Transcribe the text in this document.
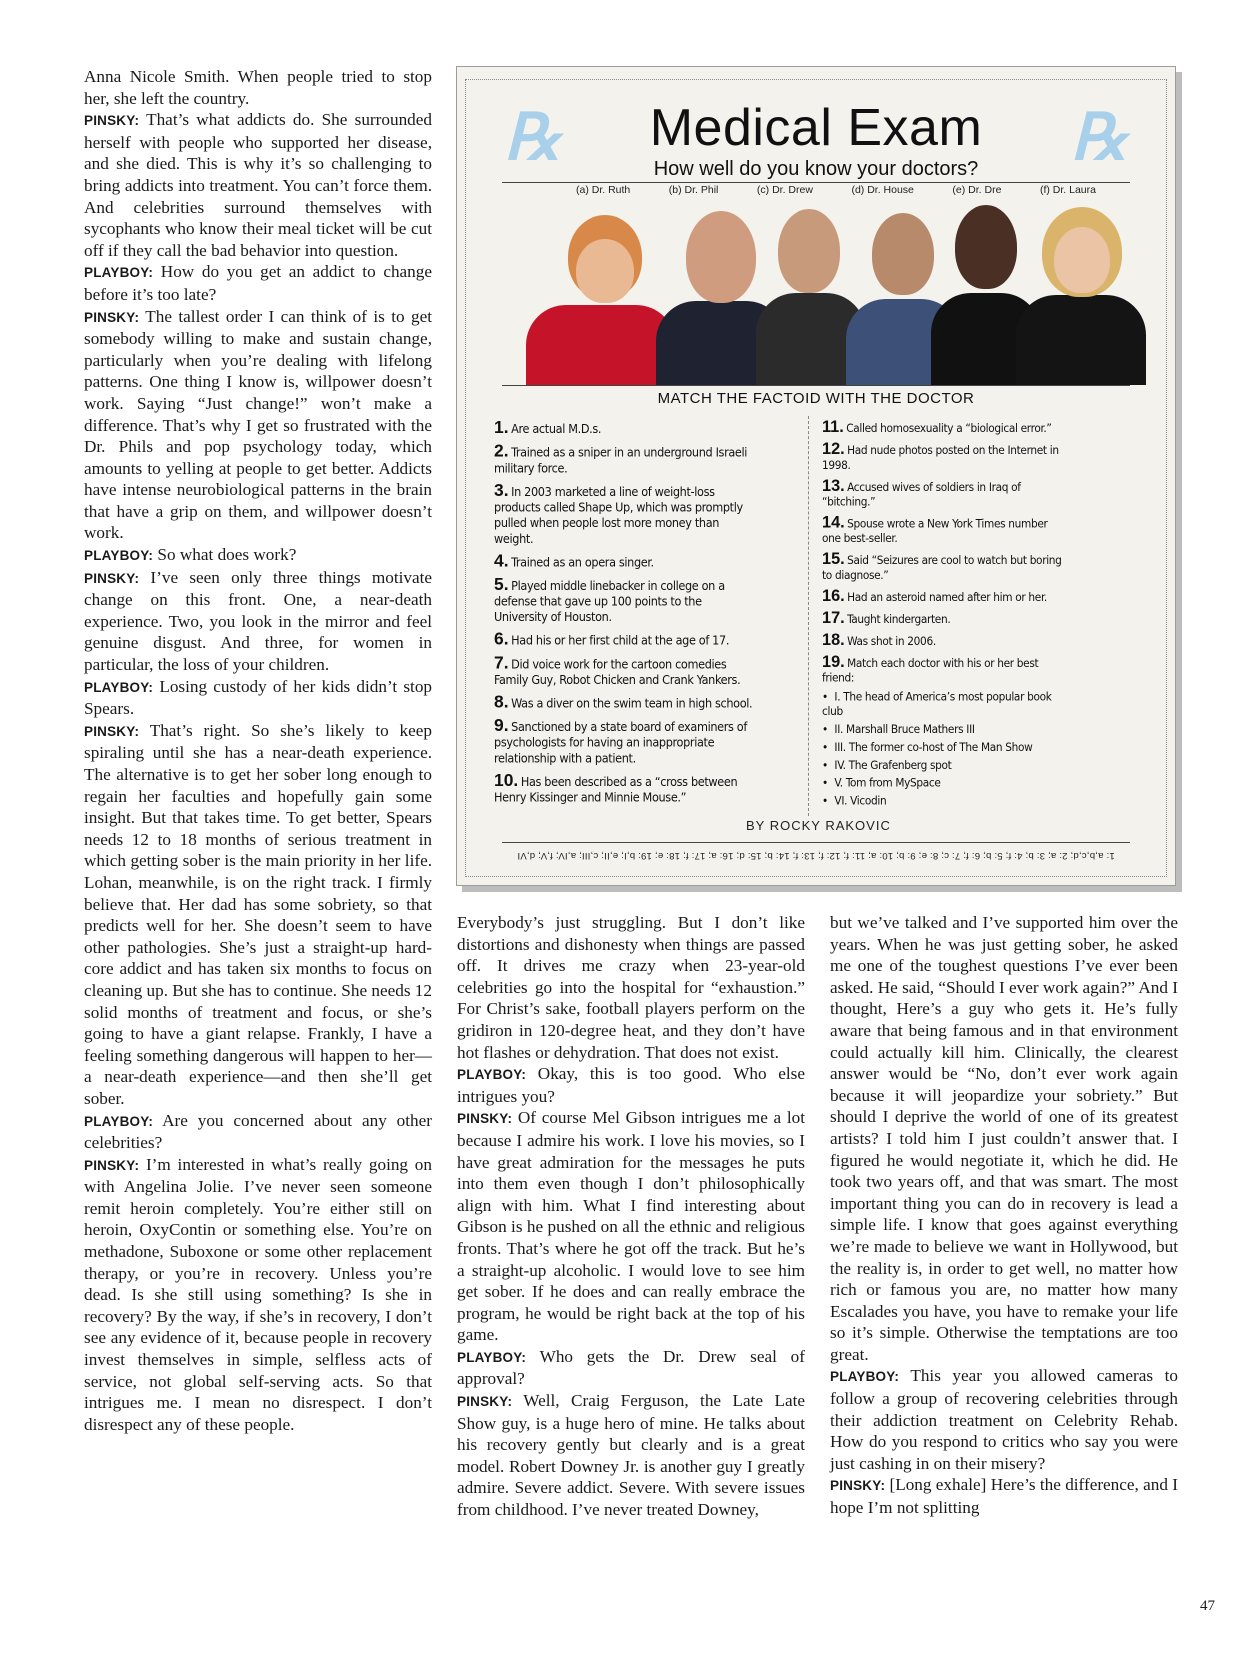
Anna Nicole Smith. When people tried to stop her, she left the country.

PINSKY: That’s what addicts do. She surrounded herself with people who supported her disease, and she died. This is why it’s so challenging to bring addicts into treatment. You can’t force them. And celebrities surround themselves with sycophants who know their meal ticket will be cut off if they call the bad behavior into question.

PLAYBOY: How do you get an addict to change before it’s too late?

PINSKY: The tallest order I can think of is to get somebody willing to make and sustain change, particularly when you’re dealing with lifelong patterns. One thing I know is, willpower doesn’t work. Saying “Just change!” won’t make a difference. That’s why I get so frustrated with the Dr. Phils and pop psychology today, which amounts to yelling at people to get better. Addicts have intense neurobiological patterns in the brain that have a grip on them, and willpower doesn’t work.

PLAYBOY: So what does work?

PINSKY: I’ve seen only three things motivate change on this front. One, a near-death experience. Two, you look in the mirror and feel genuine disgust. And three, for women in particular, the loss of your children.

PLAYBOY: Losing custody of her kids didn’t stop Spears.

PINSKY: That’s right. So she’s likely to keep spiraling until she has a near-death experience. The alternative is to get her sober long enough to regain her faculties and hopefully gain some insight. But that takes time. To get better, Spears needs 12 to 18 months of serious treatment in which getting sober is the main priority in her life. Lohan, meanwhile, is on the right track. I firmly believe that. Her dad has some sobriety, so that predicts well for her. She doesn’t seem to have other pathologies. She’s just a straight-up hard-core addict and has taken six months to focus on cleaning up. But she has to continue. She needs 12 solid months of treatment and focus, or she’s going to have a giant relapse. Frankly, I have a feeling something dangerous will happen to her—a near-death experience—and then she’ll get sober.

PLAYBOY: Are you concerned about any other celebrities?

PINSKY: I’m interested in what’s really going on with Angelina Jolie. I’ve never seen someone remit heroin completely. You’re either still on heroin, OxyContin or something else. You’re on methadone, Suboxone or some other replacement therapy, or you’re in recovery. Unless you’re dead. Is she still using something? Is she in recovery? By the way, if she’s in recovery, I don’t see any evidence of it, because people in recovery invest themselves in simple, selfless acts of service, not global self-serving acts. So that intrigues me. I mean no disrespect. I don’t disrespect any of these people.

℞	℞
Medical Exam
How well do you know your doctors?
(a) Dr. Ruth	(b) Dr. Phil	(c) Dr. Drew	(d) Dr. House	(e) Dr. Dre	(f) Dr. Laura
MATCH THE FACTOID WITH THE DOCTOR
1. Are actual M.D.s.
2. Trained as a sniper in an underground Israeli military force.
3. In 2003 marketed a line of weight-loss products called Shape Up, which was promptly pulled when people lost more money than weight.
4. Trained as an opera singer.
5. Played middle linebacker in college on a defense that gave up 100 points to the University of Houston.
6. Had his or her first child at the age of 17.
7. Did voice work for the cartoon comedies Family Guy, Robot Chicken and Crank Yankers.
8. Was a diver on the swim team in high school.
9. Sanctioned by a state board of examiners of psychologists for having an inappropriate relationship with a patient.
10. Has been described as a “cross between Henry Kissinger and Minnie Mouse.”
11. Called homosexuality a “biological error.”
12. Had nude photos posted on the Internet in 1998.
13. Accused wives of soldiers in Iraq of “bitching.”
14. Spouse wrote a New York Times number one best-seller.
15. Said “Seizures are cool to watch but boring to diagnose.”
16. Had an asteroid named after him or her.
17. Taught kindergarten.
18. Was shot in 2006.
19. Match each doctor with his or her best friend:
• I. The head of America’s most popular book club
• II. Marshall Bruce Mathers III
• III. The former co-host of The Man Show
• IV. The Grafenberg spot
• V. Tom from MySpace
• VI. Vicodin
BY ROCKY RAKOVIC
1: a,b,c,d; 2: a; 3: b; 4: f; 5: b; 6: f; 7: c; 8: e; 9: b; 10: a; 11: f; 12: f; 13: f; 14: b; 15: d; 16: a; 17: f; 18: e; 19: b,I; e,II; c,III; a,IV; f,V; d,VI

Everybody’s just struggling. But I don’t like distortions and dishonesty when things are passed off. It drives me crazy when 23-year-old celebrities go into the hospital for “exhaustion.” For Christ’s sake, football players perform on the gridiron in 120-degree heat, and they don’t have hot flashes or dehydration. That does not exist.

PLAYBOY: Okay, this is too good. Who else intrigues you?

PINSKY: Of course Mel Gibson intrigues me a lot because I admire his work. I love his movies, so I have great admiration for the messages he puts into them even though I don’t philosophically align with him. What I find interesting about Gibson is he pushed on all the ethnic and religious fronts. That’s where he got off the track. But he’s a straight-up alcoholic. I would love to see him get sober. If he does and can really embrace the program, he would be right back at the top of his game.

PLAYBOY: Who gets the Dr. Drew seal of approval?

PINSKY: Well, Craig Ferguson, the Late Late Show guy, is a huge hero of mine. He talks about his recovery gently but clearly and is a great model. Robert Downey Jr. is another guy I greatly admire. Severe addict. Severe. With severe issues from childhood. I’ve never treated Downey,

but we’ve talked and I’ve supported him over the years. When he was just getting sober, he asked me one of the toughest questions I’ve ever been asked. He said, “Should I ever work again?” And I thought, Here’s a guy who gets it. He’s fully aware that being famous and in that environment could actually kill him. Clinically, the clearest answer would be “No, don’t ever work again because it will jeopardize your sobriety.” But should I deprive the world of one of its greatest artists? I told him I just couldn’t answer that. I figured he would negotiate it, which he did. He took two years off, and that was smart. The most important thing you can do in recovery is lead a simple life. I know that goes against everything we’re made to believe we want in Hollywood, but the reality is, in order to get well, no matter how rich or famous you are, no matter how many Escalades you have, you have to remake your life so it’s simple. Otherwise the temptations are too great.

PLAYBOY: This year you allowed cameras to follow a group of recovering celebrities through their addiction treatment on Celebrity Rehab. How do you respond to critics who say you were just cashing in on their misery?

PINSKY: [Long exhale] Here’s the difference, and I hope I’m not splitting

47
